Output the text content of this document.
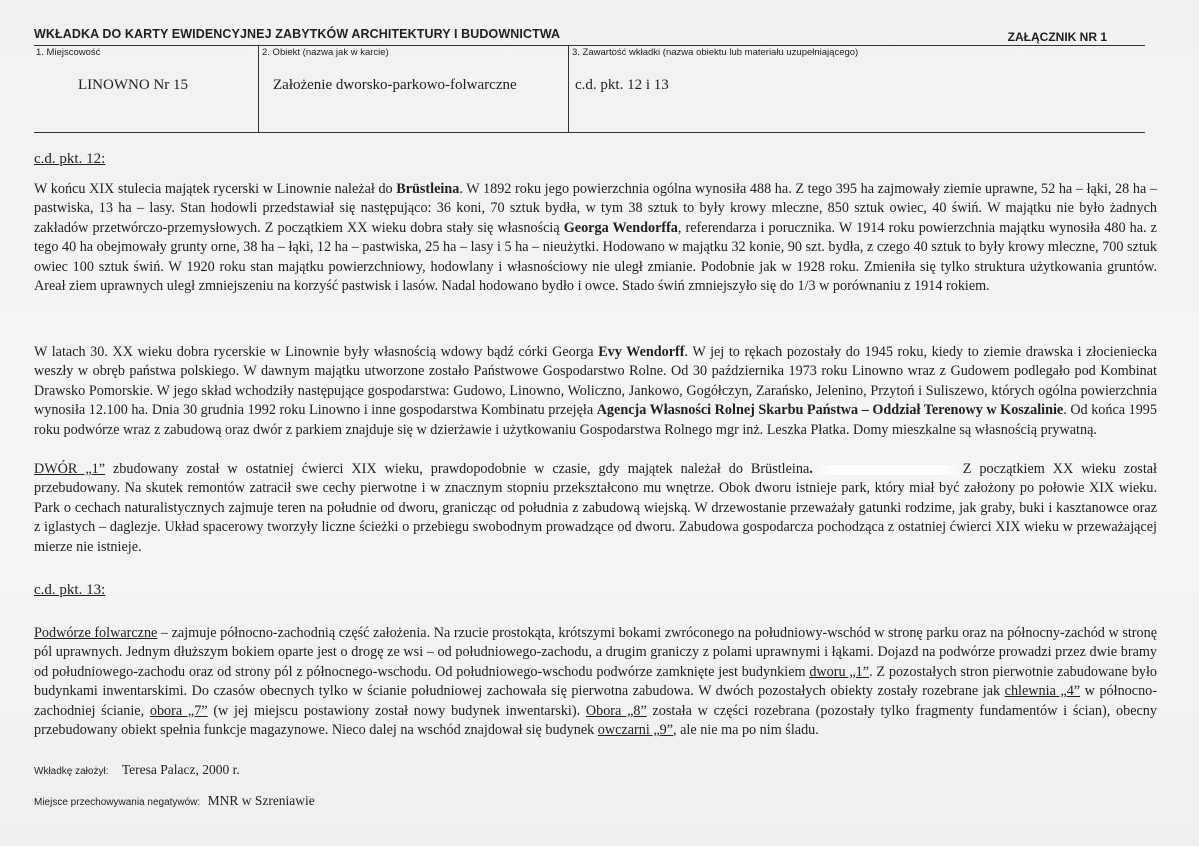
WKŁADKA DO KARTY EWIDENCYJNEJ ZABYTKÓW ARCHITEKTURY I BUDOWNICTWA	ZAŁĄCZNIK NR 1
1. Miejscowość	2. Obiekt (nazwa jak w karcie)	3. Zawartość wkładki (nazwa obiektu lub materiału uzupełniającego)
LINOWNO Nr 15	Założenie dworsko-parkowo-folwarczne	c.d. pkt. 12 i 13
c.d. pkt. 12:
W końcu XIX stulecia majątek rycerski w Linownie należał do Brüstleina. W 1892 roku jego powierzchnia ogólna wynosiła 488 ha. Z tego 395 ha zajmowały ziemie uprawne, 52 ha – łąki, 28 ha – pastwiska, 13 ha – lasy. Stan hodowli przedstawiał się następująco: 36 koni, 70 sztuk bydła, w tym 38 sztuk to były krowy mleczne, 850 sztuk owiec, 40 świń. W majątku nie było żadnych zakładów przetwórczo-przemysłowych. Z początkiem XX wieku dobra stały się własnością Georga Wendorffa, referendarza i porucznika. W 1914 roku powierzchnia majątku wynosiła 480 ha. z tego 40 ha obejmowały grunty orne, 38 ha – łąki, 12 ha – pastwiska, 25 ha – lasy i 5 ha – nieużytki. Hodowano w majątku 32 konie, 90 szt. bydła, z czego 40 sztuk to były krowy mleczne, 700 sztuk owiec 100 sztuk świń. W 1920 roku stan majątku powierzchniowy, hodowlany i własnościowy nie uległ zmianie. Podobnie jak w 1928 roku. Zmieniła się tylko struktura użytkowania gruntów. Areał ziem uprawnych uległ zmniejszeniu na korzyść pastwisk i lasów. Nadal hodowano bydło i owce. Stado świń zmniejszyło się do 1/3 w porównaniu z 1914 rokiem.
W latach 30. XX wieku dobra rycerskie w Linownie były własnością wdowy bądź córki Georga Evy Wendorff. W jej to rękach pozostały do 1945 roku, kiedy to ziemie drawska i złocieniecka weszły w obręb państwa polskiego. W dawnym majątku utworzone zostało Państwowe Gospodarstwo Rolne. Od 30 października 1973 roku Linowno wraz z Gudowem podlegało pod Kombinat Drawsko Pomorskie. W jego skład wchodziły następujące gospodarstwa: Gudowo, Linowno, Woliczno, Jankowo, Gogółczyn, Zarańsko, Jelenino, Przytoń i Suliszewo, których ogólna powierzchnia wynosiła 12.100 ha. Dnia 30 grudnia 1992 roku Linowno i inne gospodarstwa Kombinatu przejęła Agencja Własności Rolnej Skarbu Państwa – Oddział Terenowy w Koszalinie. Od końca 1995 roku podwórze wraz z zabudową oraz dwór z parkiem znajduje się w dzierżawie i użytkowaniu Gospodarstwa Rolnego mgr inż. Leszka Płatka. Domy mieszkalne są własnością prywatną.
DWÓR „1” zbudowany został w ostatniej ćwierci XIX wieku, prawdopodobnie w czasie, gdy majątek należał do Brüstleina.	Z początkiem XX wieku został przebudowany. Na skutek remontów zatracił swe cechy pierwotne i w znacznym stopniu przekształcono mu wnętrze. Obok dworu istnieje park, który miał być założony po połowie XIX wieku. Park o cechach naturalistycznych zajmuje teren na południe od dworu, granicząc od południa z zabudową wiejską. W drzewostanie przeważały gatunki rodzime, jak graby, buki i kasztanowce oraz z iglastych – daglezje. Układ spacerowy tworzyły liczne ścieżki o przebiegu swobodnym prowadzące od dworu. Zabudowa gospodarcza pochodząca z ostatniej ćwierci XIX wieku w przeważającej mierze nie istnieje.
c.d. pkt. 13:
Podwórze folwarczne – zajmuje północno-zachodnią część założenia. Na rzucie prostokąta, krótszymi bokami zwróconego na południowy-wschód w stronę parku oraz na północny-zachód w stronę pól uprawnych. Jednym dłuższym bokiem oparte jest o drogę ze wsi – od południowego-zachodu, a drugim graniczy z polami uprawnymi i łąkami. Dojazd na podwórze prowadzi przez dwie bramy od południowego-zachodu oraz od strony pól z północnego-wschodu. Od południowego-wschodu podwórze zamknięte jest budynkiem dworu „1”. Z pozostałych stron pierwotnie zabudowane było budynkami inwentarskimi. Do czasów obecnych tylko w ścianie południowej zachowała się pierwotna zabudowa. W dwóch pozostałych obiekty zostały rozebrane jak chlewnia „4” w północno-zachodniej ścianie, obora „7” (w jej miejscu postawiony został nowy budynek inwentarski). Obora „8” została w części rozebrana (pozostały tylko fragmenty fundamentów i ścian), obecny przebudowany obiekt spełnia funkcje magazynowe. Nieco dalej na wschód znajdował się budynek owczarni „9”, ale nie ma po nim śladu.
Wkładkę założył: Teresa Palacz, 2000 r.
Miejsce przechowywania negatywów: MNR w Szreniawie
